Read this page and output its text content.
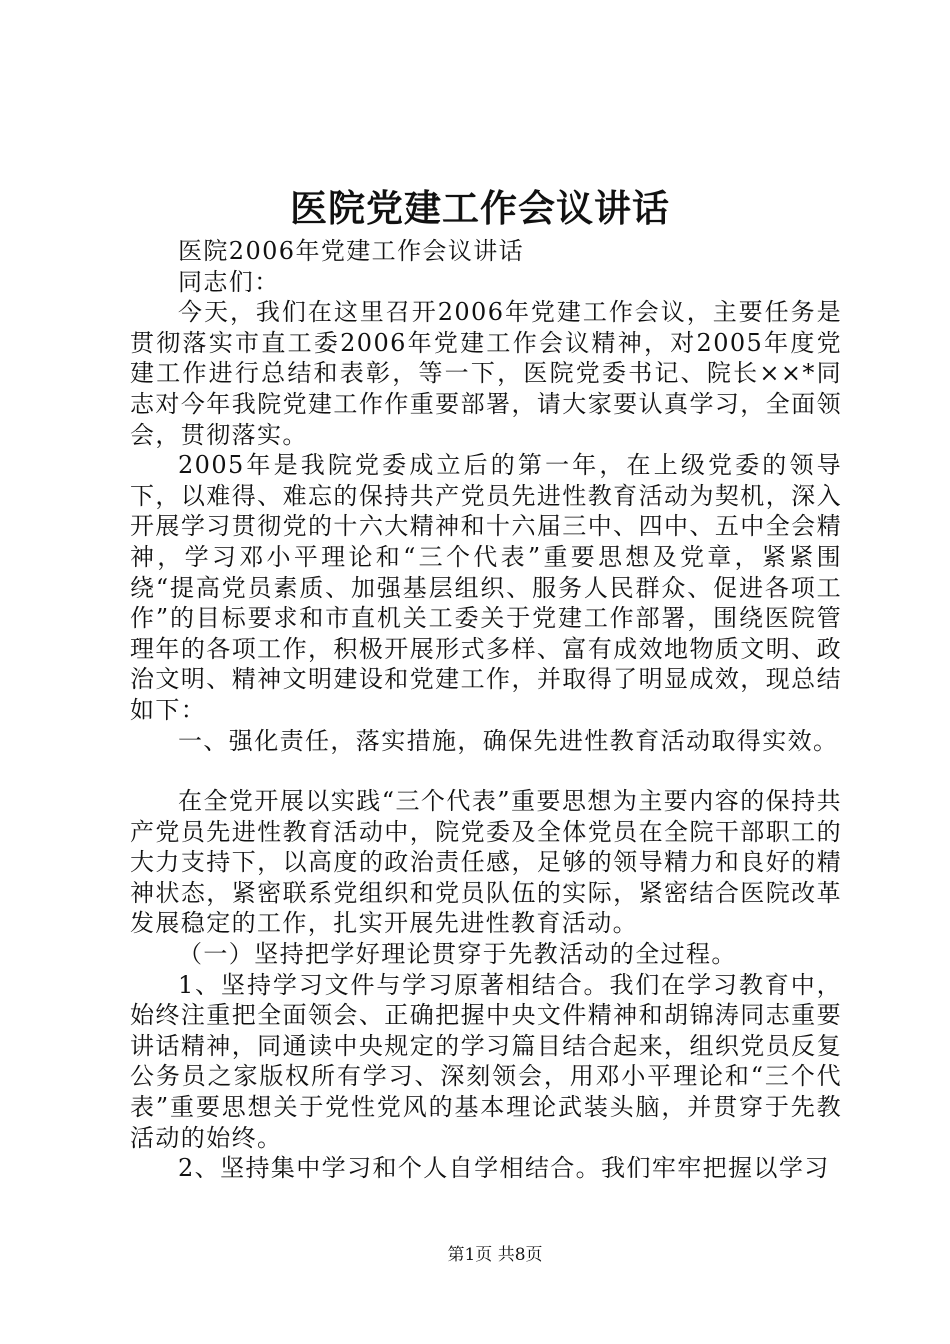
医院党建工作会议讲话

医院2006年党建工作会议讲话

同志们：

今天，我们在这里召开2006年党建工作会议，主要任务是贯彻落实市直工委2006年党建工作会议精神，对2005年度党建工作进行总结和表彰，等一下，医院党委书记、院长××*同志对今年我院党建工作作重要部署，请大家要认真学习，全面领会，贯彻落实。

2005年是我院党委成立后的第一年，在上级党委的领导下，以难得、难忘的保持共产党员先进性教育活动为契机，深入开展学习贯彻党的十六大精神和十六届三中、四中、五中全会精神，学习邓小平理论和“三个代表”重要思想及党章，紧紧围绕“提高党员素质、加强基层组织、服务人民群众、促进各项工作”的目标要求和市直机关工委关于党建工作部署，围绕医院管理年的各项工作，积极开展形式多样、富有成效地物质文明、政治文明、精神文明建设和党建工作，并取得了明显成效，现总结如下：

一、强化责任，落实措施，确保先进性教育活动取得实效。

在全党开展以实践“三个代表”重要思想为主要内容的保持共产党员先进性教育活动中，院党委及全体党员在全院干部职工的大力支持下，以高度的政治责任感，足够的领导精力和良好的精神状态，紧密联系党组织和党员队伍的实际，紧密结合医院改革发展稳定的工作，扎实开展先进性教育活动。

（一）坚持把学好理论贯穿于先教活动的全过程。

1、坚持学习文件与学习原著相结合。我们在学习教育中，始终注重把全面领会、正确把握中央文件精神和胡锦涛同志重要讲话精神，同通读中央规定的学习篇目结合起来，组织党员反复公务员之家版权所有学习、深刻领会，用邓小平理论和“三个代表”重要思想关于党性党风的基本理论武装头脑，并贯穿于先教活动的始终。

2、坚持集中学习和个人自学相结合。我们牢牢把握以学习

第1页 共8页
